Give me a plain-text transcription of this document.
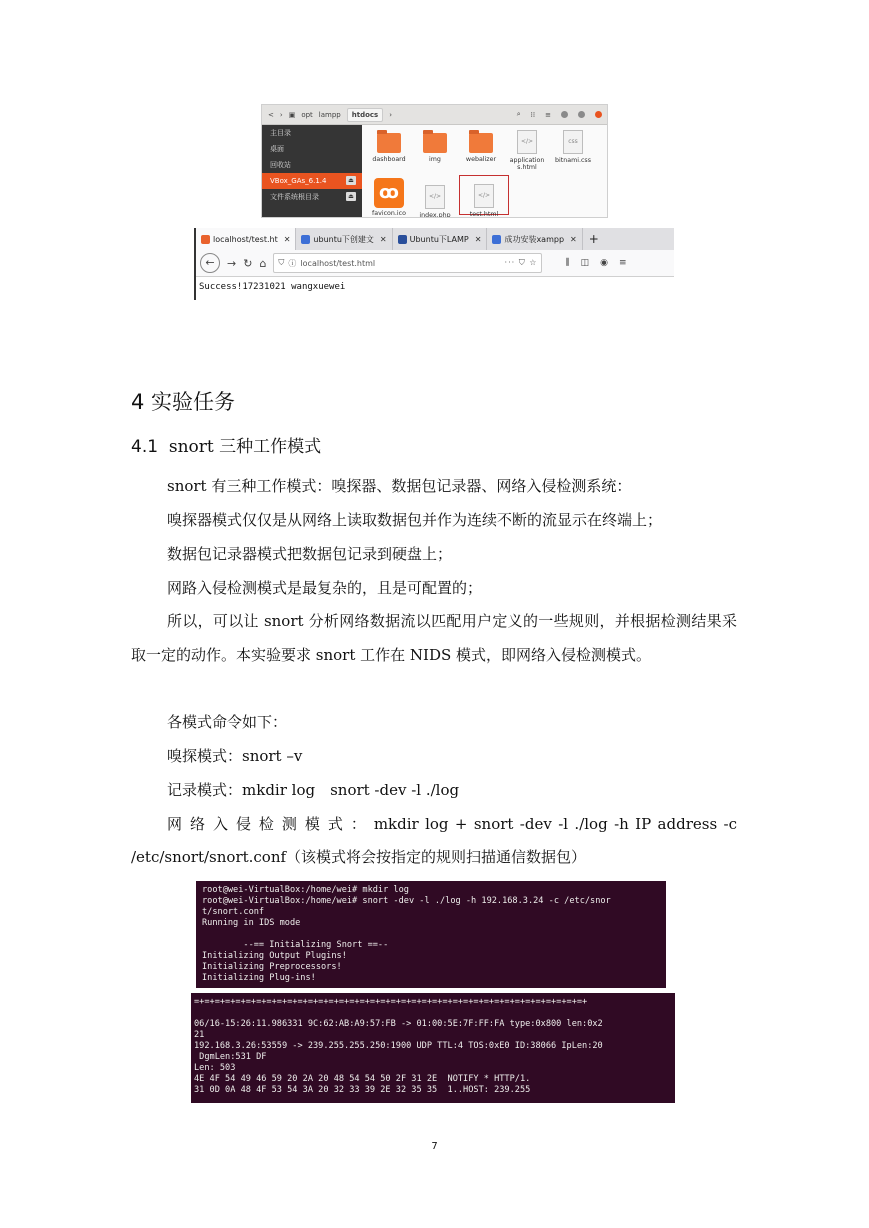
< › ▣ opt lampp	htdocs	›	⌕ ⁞⁞ ≡
主目录
桌面
回收站
VBox_GAs_6.1.4	⏏
文件系统根目录	⏏
dashboard	img	webalizer
</>
application s.html
css
bitnami.css
ꝏ
favicon.ico
</>
index.php
</>
test.html
localhost/test.ht ✕	ubuntu下创建文 ✕	Ubuntu下LAMP ✕	成功安装xampp ✕	+
←	→ ↻ ⌂ ⛉ ⓘ localhost/test.html	··· ⛉ ☆	⫼ ◫ ◉ ≡
Success!17231021 wangxuewei
4 实验任务
4.1 snort 三种工作模式
snort 有三种工作模式：嗅探器、数据包记录器、网络入侵检测系统：
嗅探器模式仅仅是从网络上读取数据包并作为连续不断的流显示在终端上；
数据包记录器模式把数据包记录到硬盘上；
网路入侵检测模式是最复杂的，且是可配置的；
所以，可以让 snort 分析网络数据流以匹配用户定义的一些规则，并根据检测结果采取一定的动作。本实验要求 snort 工作在 NIDS 模式，即网络入侵检测模式。
各模式命令如下：
嗅探模式：snort –v
记录模式：mkdir log　snort -dev -l ./log
网 络 入 侵 检 测 模 式 ： mkdir log + snort -dev -l ./log -h IP address -c
/etc/snort/snort.conf（该模式将会按指定的规则扫描通信数据包）
root@wei-VirtualBox:/home/wei# mkdir log
root@wei-VirtualBox:/home/wei# snort -dev -l ./log -h 192.168.3.24 -c /etc/snor
t/snort.conf
Running in IDS mode

--== Initializing Snort ==--
Initializing Output Plugins!
Initializing Preprocessors!
Initializing Plug-ins!
=+=+=+=+=+=+=+=+=+=+=+=+=+=+=+=+=+=+=+=+=+=+=+=+=+=+=+=+=+=+=+=+=+=+=+=+=+=+

06/16-15:26:11.986331 9C:62:AB:A9:57:FB -> 01:00:5E:7F:FF:FA type:0x800 len:0x2
21
192.168.3.26:53559 -> 239.255.255.250:1900 UDP TTL:4 TOS:0xE0 ID:38066 IpLen:20
DgmLen:531 DF
Len: 503
4E 4F 54 49 46 59 20 2A 20 48 54 54 50 2F 31 2E  NOTIFY * HTTP/1.
31 0D 0A 48 4F 53 54 3A 20 32 33 39 2E 32 35 35  1..HOST: 239.255
7
